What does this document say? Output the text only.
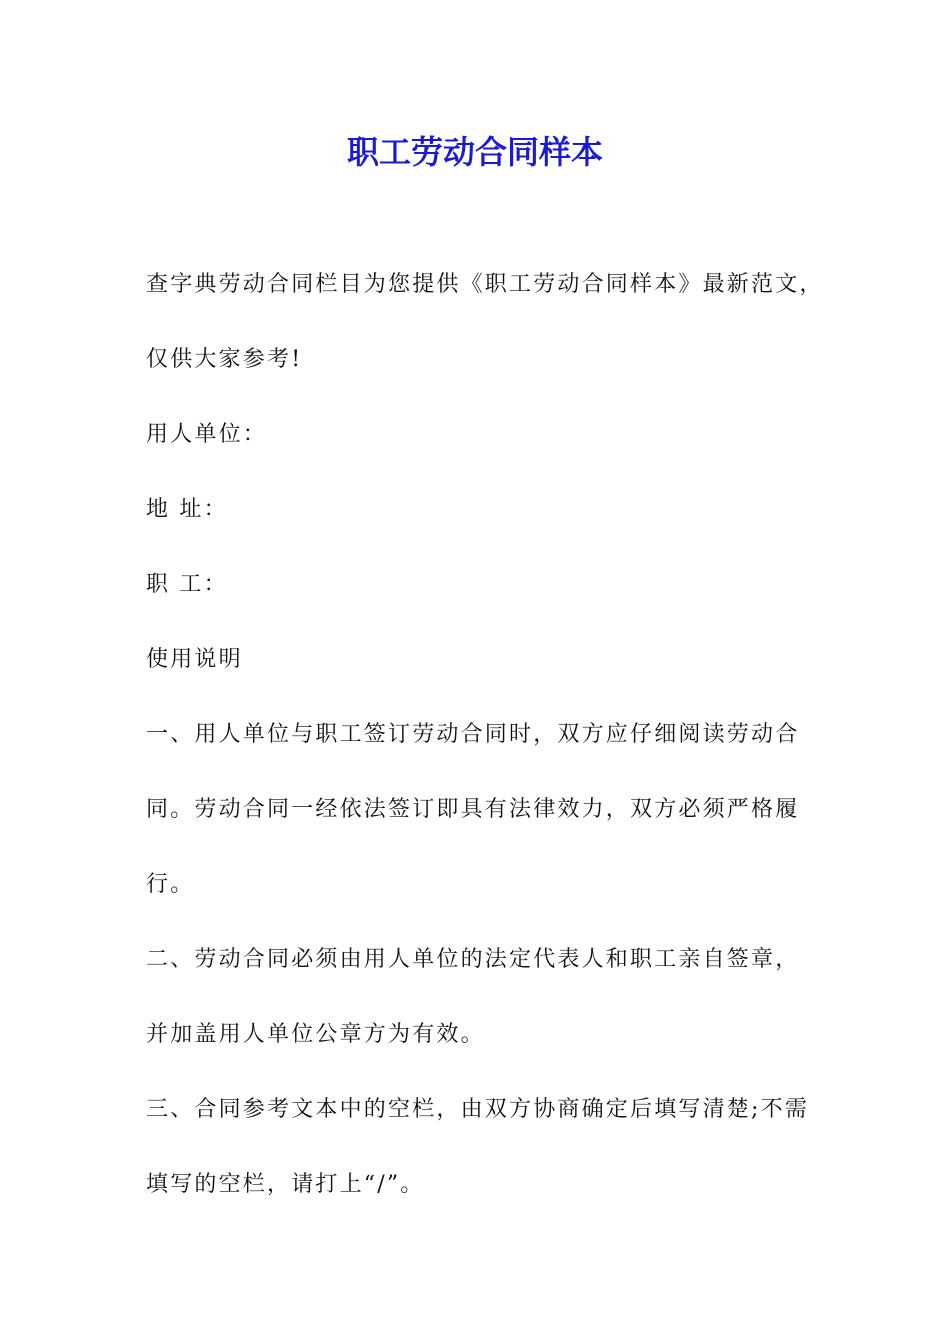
职工劳动合同样本
查字典劳动合同栏目为您提供《职工劳动合同样本》最新范文，
仅供大家参考!
用人单位：
地 址：
职 工：
使用说明
一、用人单位与职工签订劳动合同时，双方应仔细阅读劳动合
同。劳动合同一经依法签订即具有法律效力，双方必须严格履
行。
二、劳动合同必须由用人单位的法定代表人和职工亲自签章，
并加盖用人单位公章方为有效。
三、合同参考文本中的空栏，由双方协商确定后填写清楚;不需
填写的空栏，请打上“/”。
